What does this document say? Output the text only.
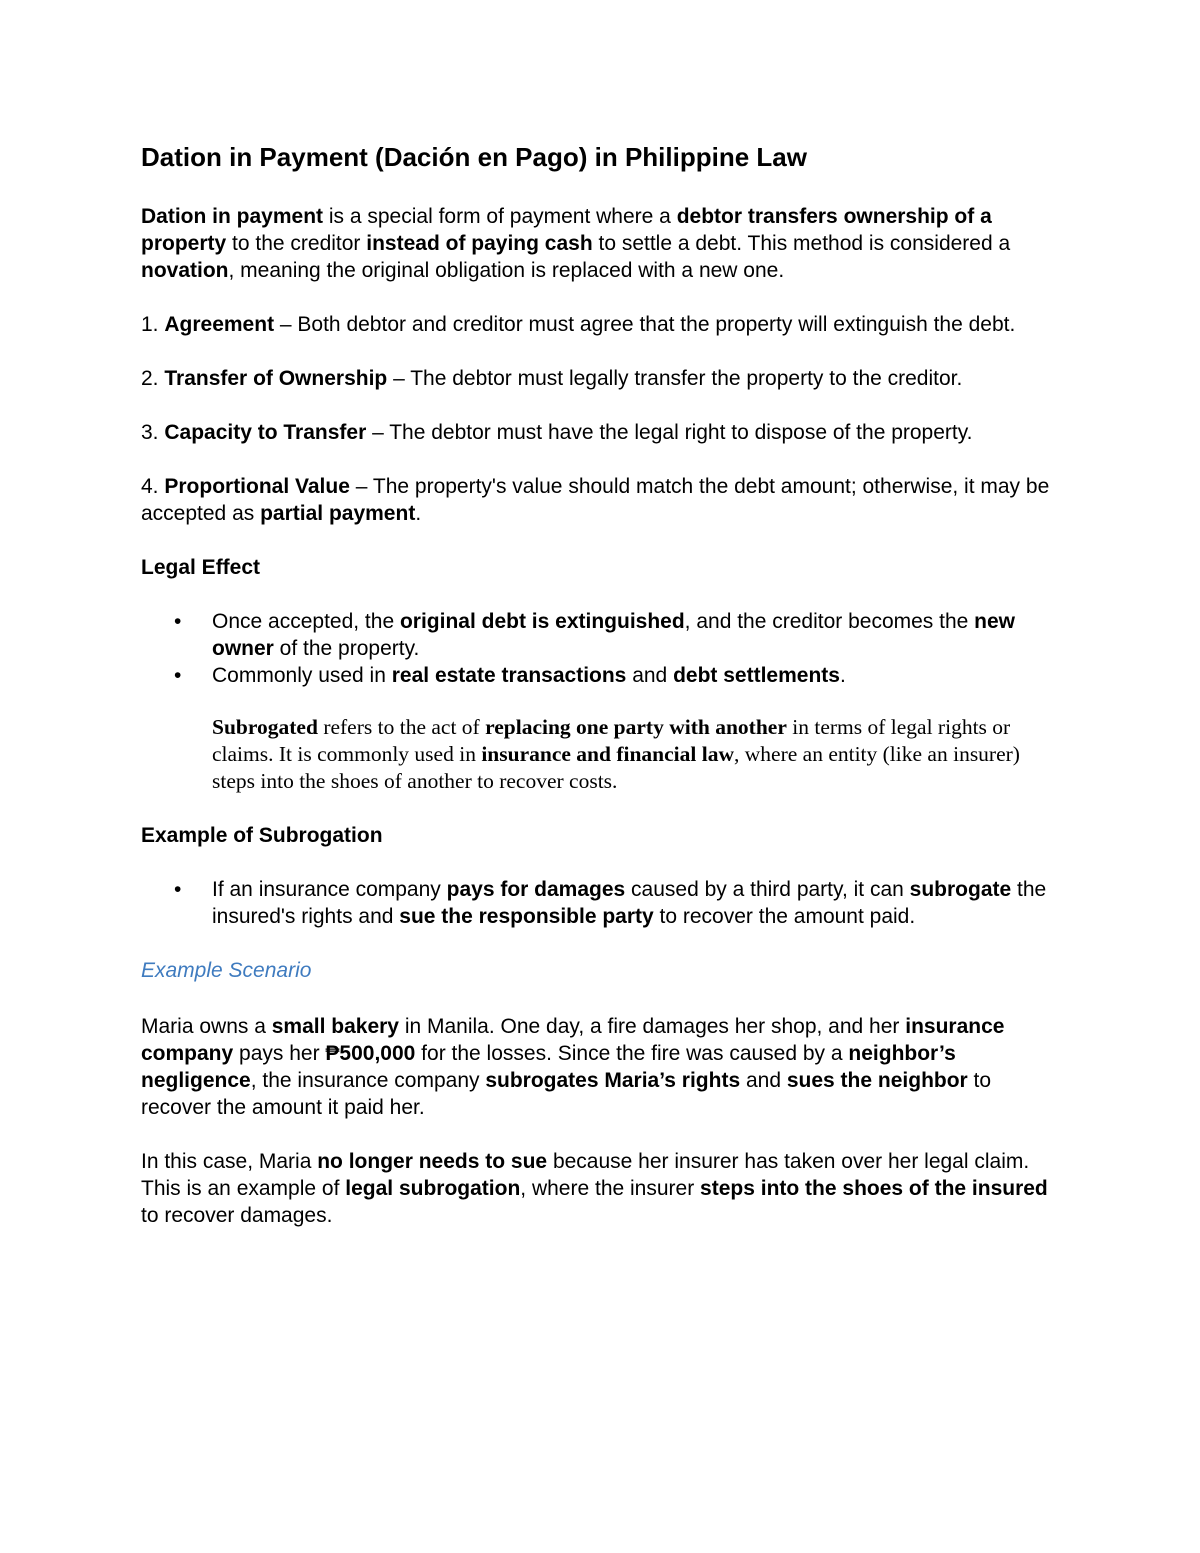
Dation in Payment (Dación en Pago) in Philippine Law

Dation in payment is a special form of payment where a debtor transfers ownership of a property to the creditor instead of paying cash to settle a debt. This method is considered a novation, meaning the original obligation is replaced with a new one.

1. Agreement – Both debtor and creditor must agree that the property will extinguish the debt.

2. Transfer of Ownership – The debtor must legally transfer the property to the creditor.

3. Capacity to Transfer – The debtor must have the legal right to dispose of the property.

4. Proportional Value – The property's value should match the debt amount; otherwise, it may be accepted as partial payment.

Legal Effect
• Once accepted, the original debt is extinguished, and the creditor becomes the new owner of the property.
• Commonly used in real estate transactions and debt settlements.

Subrogated refers to the act of replacing one party with another in terms of legal rights or claims. It is commonly used in insurance and financial law, where an entity (like an insurer) steps into the shoes of another to recover costs.

Example of Subrogation
• If an insurance company pays for damages caused by a third party, it can subrogate the insured's rights and sue the responsible party to recover the amount paid.

Example Scenario

Maria owns a small bakery in Manila. One day, a fire damages her shop, and her insurance company pays her ₱500,000 for the losses. Since the fire was caused by a neighbor’s negligence, the insurance company subrogates Maria’s rights and sues the neighbor to recover the amount it paid her.

In this case, Maria no longer needs to sue because her insurer has taken over her legal claim. This is an example of legal subrogation, where the insurer steps into the shoes of the insured to recover damages.
